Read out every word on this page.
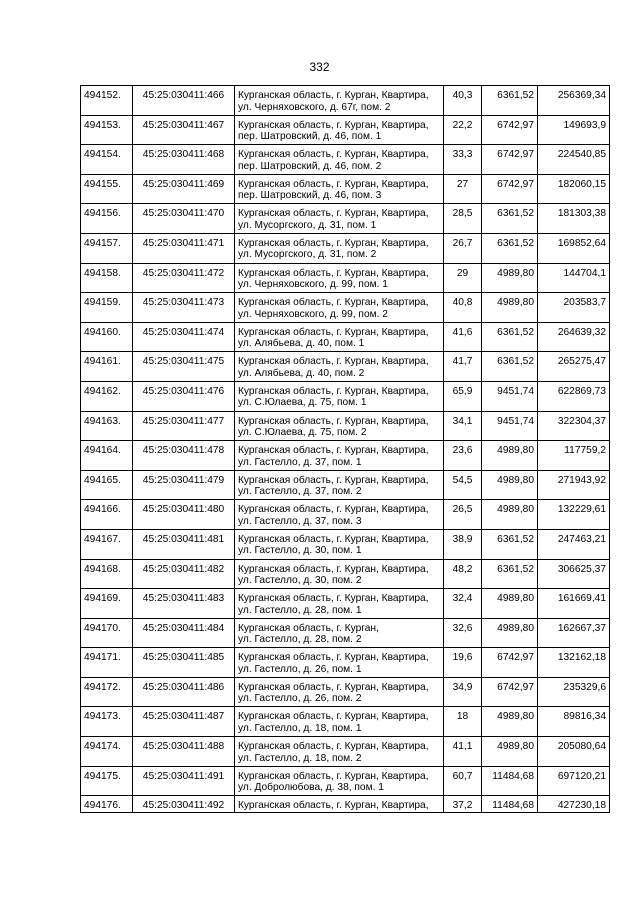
332
494152.	45:25:030411:466	Курганская область, г. Курган, Квартира,
ул. Черняховского, д. 67г, пом. 2	40,3	6361,52	256369,34
494153.	45:25:030411:467	Курганская область, г. Курган, Квартира,
пер. Шатровский, д. 46, пом. 1	22,2	6742,97	149693,9
494154.	45:25:030411:468	Курганская область, г. Курган, Квартира,
пер. Шатровский, д. 46, пом. 2	33,3	6742,97	224540,85
494155.	45:25:030411:469	Курганская область, г. Курган, Квартира,
пер. Шатровский, д. 46, пом. 3	27	6742,97	182060,15
494156.	45:25:030411:470	Курганская область, г. Курган, Квартира,
ул. Мусоргского, д. 31, пом. 1	28,5	6361,52	181303,38
494157.	45:25:030411:471	Курганская область, г. Курган, Квартира,
ул. Мусоргского, д. 31, пом. 2	26,7	6361,52	169852,64
494158.	45:25:030411:472	Курганская область, г. Курган, Квартира,
ул. Черняховского, д. 99, пом. 1	29	4989,80	144704,1
494159.	45:25:030411:473	Курганская область, г. Курган, Квартира,
ул. Черняховского, д. 99, пом. 2	40,8	4989,80	203583,7
494160.	45:25:030411:474	Курганская область, г. Курган, Квартира,
ул. Алябьева, д. 40, пом. 1	41,6	6361,52	264639,32
494161.	45:25:030411:475	Курганская область, г. Курган, Квартира,
ул. Алябьева, д. 40, пом. 2	41,7	6361,52	265275,47
494162.	45:25:030411:476	Курганская область, г. Курган, Квартира,
ул. С.Юлаева, д. 75, пом. 1	65,9	9451,74	622869,73
494163.	45:25:030411:477	Курганская область, г. Курган, Квартира,
ул. С.Юлаева, д. 75, пом. 2	34,1	9451,74	322304,37
494164.	45:25:030411:478	Курганская область, г. Курган, Квартира,
ул. Гастелло, д. 37, пом. 1	23,6	4989,80	117759,2
494165.	45:25:030411:479	Курганская область, г. Курган, Квартира,
ул. Гастелло, д. 37, пом. 2	54,5	4989,80	271943,92
494166.	45:25:030411:480	Курганская область, г. Курган, Квартира,
ул. Гастелло, д. 37, пом. 3	26,5	4989,80	132229,61
494167.	45:25:030411:481	Курганская область, г. Курган, Квартира,
ул. Гастелло, д. 30, пом. 1	38,9	6361,52	247463,21
494168.	45:25:030411:482	Курганская область, г. Курган, Квартира,
ул. Гастелло, д. 30, пом. 2	48,2	6361,52	306625,37
494169.	45:25:030411:483	Курганская область, г. Курган, Квартира,
ул. Гастелло, д. 28, пом. 1	32,4	4989,80	161669,41
494170.	45:25:030411:484	Курганская область, г. Курган,
ул. Гастелло, д. 28, пом. 2	32,6	4989,80	162667,37
494171.	45:25:030411:485	Курганская область, г. Курган, Квартира,
ул. Гастелло, д. 26, пом. 1	19,6	6742,97	132162,18
494172.	45:25:030411:486	Курганская область, г. Курган, Квартира,
ул. Гастелло, д. 26, пом. 2	34,9	6742,97	235329,6
494173.	45:25:030411:487	Курганская область, г. Курган, Квартира,
ул. Гастелло, д. 18, пом. 1	18	4989,80	89816,34
494174.	45:25:030411:488	Курганская область, г. Курган, Квартира,
ул. Гастелло, д. 18, пом. 2	41,1	4989,80	205080,64
494175.	45:25:030411:491	Курганская область, г. Курган, Квартира,
ул. Добролюбова, д. 38, пом. 1	60,7	11484,68	697120,21
494176.	45:25:030411:492	Курганская область, г. Курган, Квартира,	37,2	11484,68	427230,18
